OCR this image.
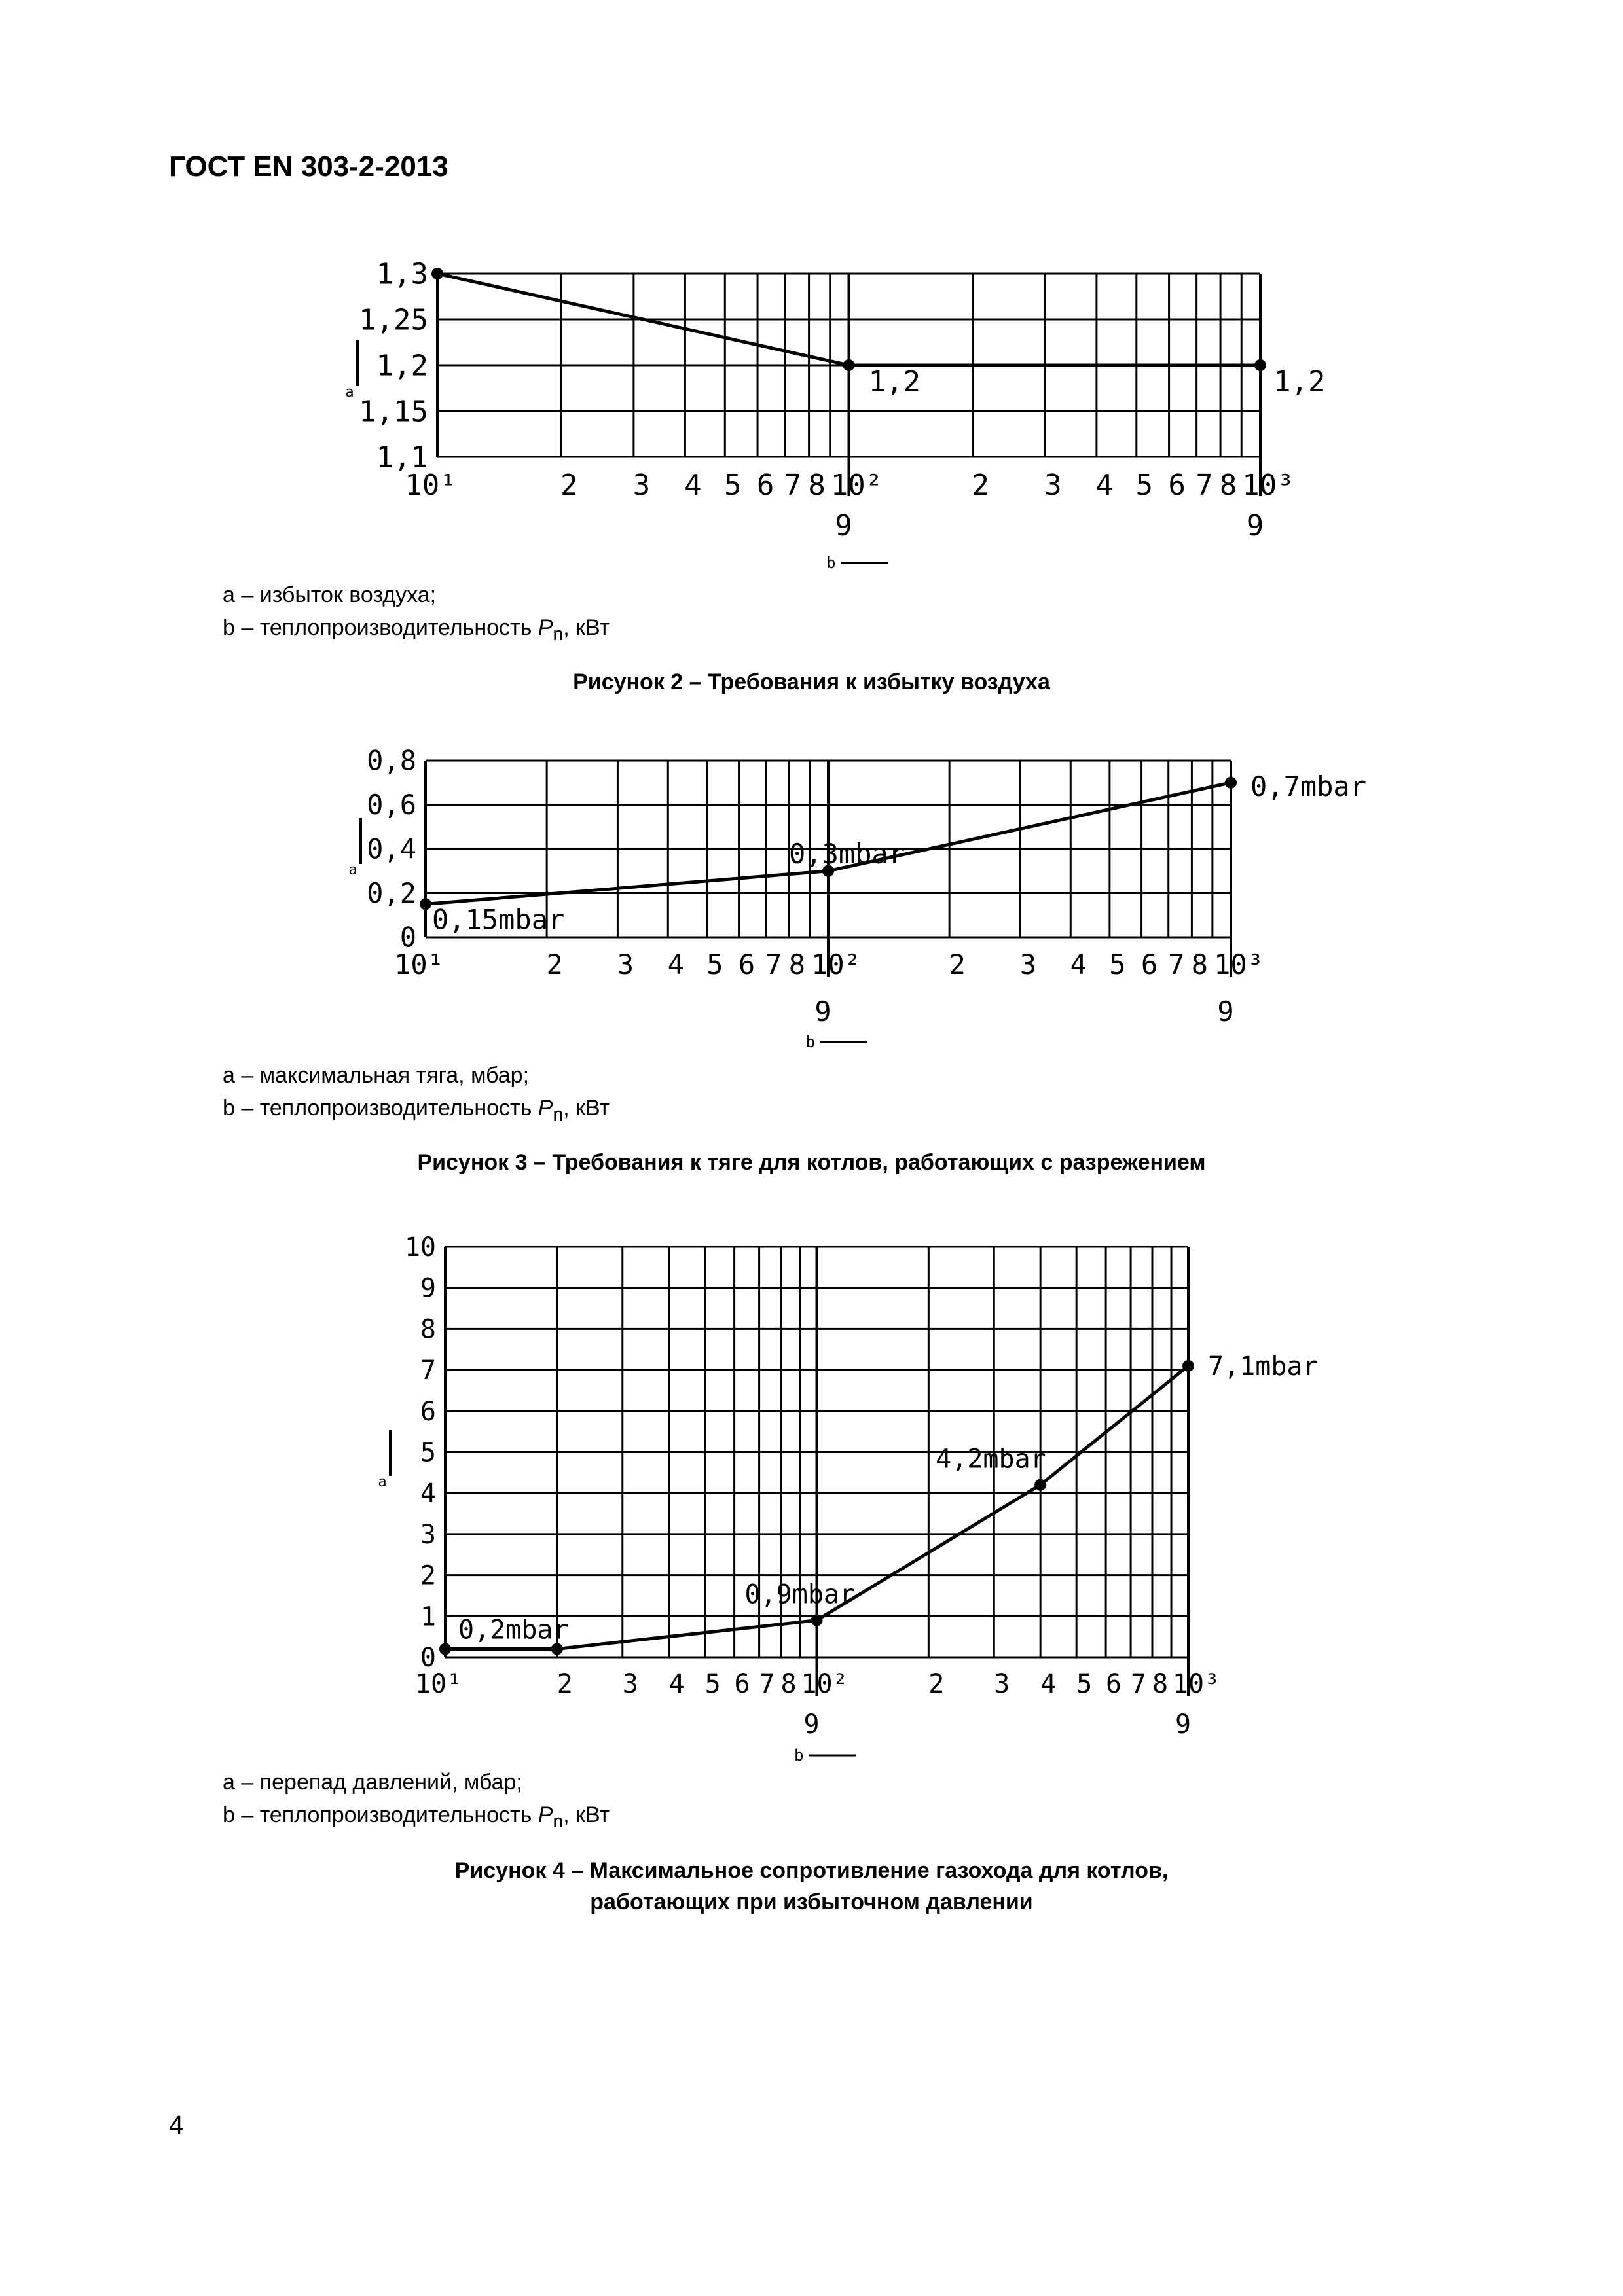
ГОСТ EN 303-2-2013
1,1
1,15
1,2
1,25
1,3
10¹	2 3 4 5 6 7 8 10²	2 3 4 5 6 7 8 10³
9	9
b
a	1,2	1,2
a – избыток воздуха;
b – теплопроизводительность $P_n$, кВт
Рисунок 2 – Требования к избытку воздуха
0
0,2
0,4
0,6
0,8
10¹	2 3 4 5 6 7 8 10²	2 3 4 5 6 7 8 10³
9	9
b
a
0,15mbar
0,3mbar
0,7mbar
a – максимальная тяга, мбар;
b – теплопроизводительность $P_n$, кВт
Рисунок 3 – Требования к тяге для котлов, работающих с разрежением
0
1
2
3
4
5
6
7
8
9
10
10¹	2 3 4 5 6 7 8 10²	2 3 4 5 6 7 8 10³
9	9
b
a
0,2mbar
0,9mbar
4,2mbar
7,1mbar
a – перепад давлений, мбар;
b – теплопроизводительность $P_n$, кВт
Рисунок 4 – Максимальное сопротивление газохода для котлов,
работающих при избыточном давлении
4
